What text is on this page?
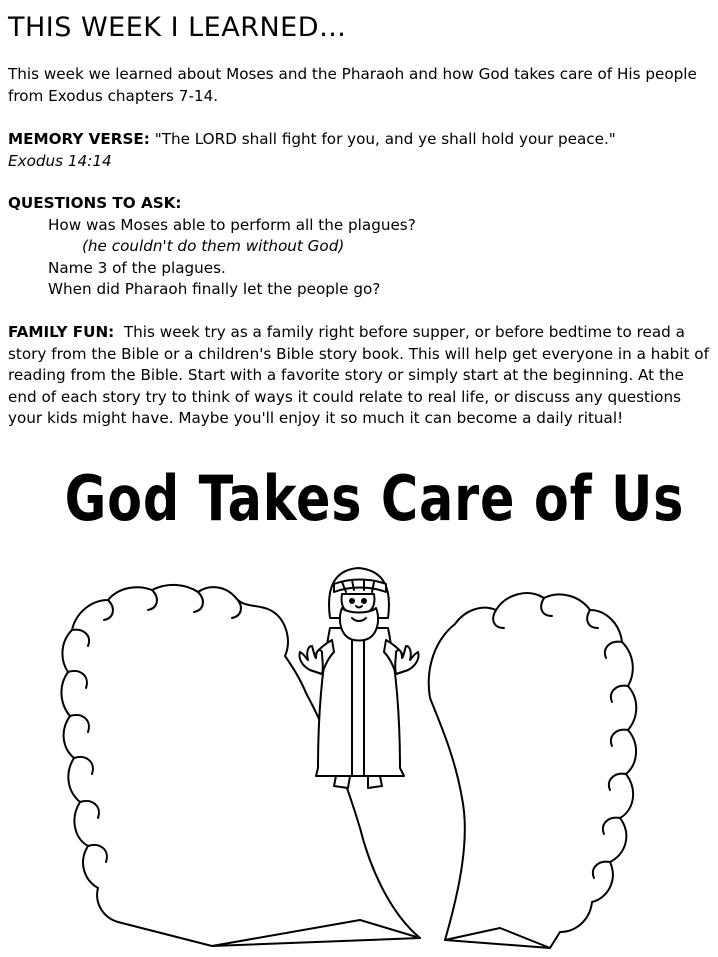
THIS WEEK I LEARNED…
This week we learned about Moses and the Pharaoh and how God takes care of His people from Exodus chapters 7-14.
MEMORY VERSE: "The LORD shall fight for you, and ye shall hold your peace."
Exodus 14:14
QUESTIONS TO ASK:
How was Moses able to perform all the plagues?
(he couldn't do them without God)
Name 3 of the plagues.
When did Pharaoh finally let the people go?
FAMILY FUN: This week try as a family right before supper, or before bedtime to read a story from the Bible or a children's Bible story book. This will help get everyone in a habit of reading from the Bible. Start with a favorite story or simply start at the beginning. At the end of each story try to think of ways it could relate to real life, or discuss any questions your kids might have. Maybe you'll enjoy it so much it can become a daily ritual!
God Takes Care of Us
